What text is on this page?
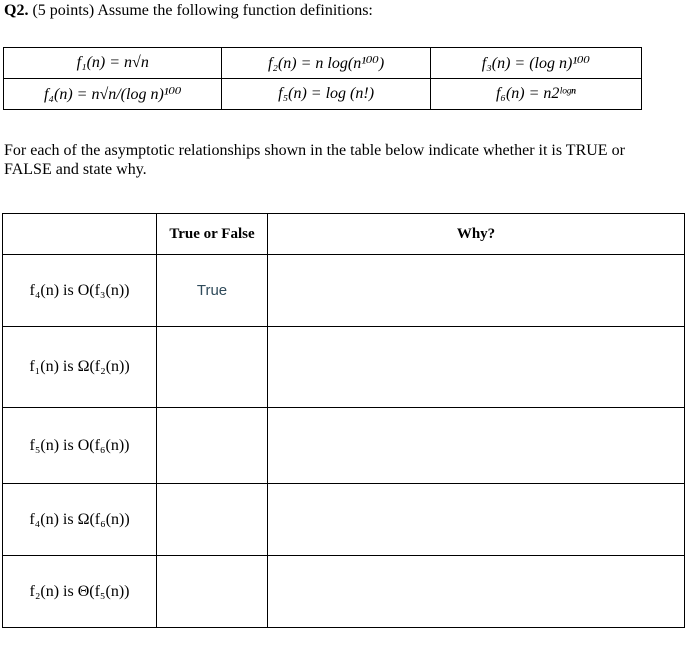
Q2. (5 points) Assume the following function definitions:
f₁(n) = n√n	f₂(n) = n log(n¹⁰⁰)	f₃(n) = (log n)¹⁰⁰
f₄(n) = n√n/(log n)¹⁰⁰	f₅(n) = log (n!)	f₆(n) = n2ˡᵒᵍⁿ
For each of the asymptotic relationships shown in the table below indicate whether it is TRUE or FALSE and state why.
	True or False	Why?
f₄(n) is O(f₃(n))	True	
f₁(n) is Ω(f₂(n))		
f₅(n) is O(f₆(n))		
f₄(n) is Ω(f₆(n))		
f₂(n) is Θ(f₅(n))		
